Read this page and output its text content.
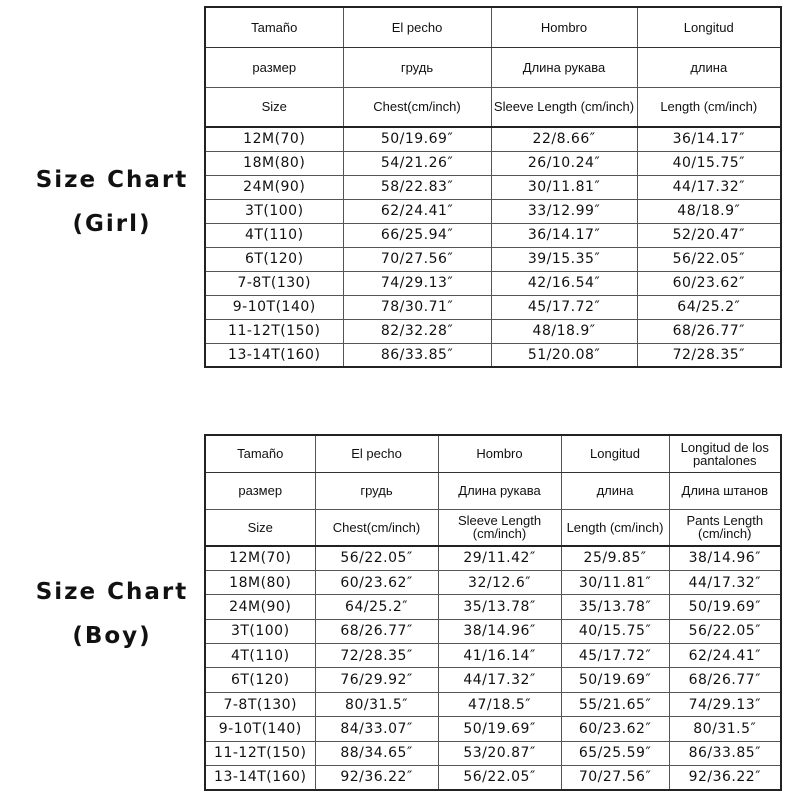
Size Chart
(Girl)
Tamaño	El pecho	Hombro	Longitud
размер	грудь	Длина рукава	длина
Size	Chest(cm/inch)	Sleeve Length (cm/inch)	Length (cm/inch)
12M(70)	50/19.69″	22/8.66″	36/14.17″
18M(80)	54/21.26″	26/10.24″	40/15.75″
24M(90)	58/22.83″	30/11.81″	44/17.32″
3T(100)	62/24.41″	33/12.99″	48/18.9″
4T(110)	66/25.94″	36/14.17″	52/20.47″
6T(120)	70/27.56″	39/15.35″	56/22.05″
7-8T(130)	74/29.13″	42/16.54″	60/23.62″
9-10T(140)	78/30.71″	45/17.72″	64/25.2″
11-12T(150)	82/32.28″	48/18.9″	68/26.77″
13-14T(160)	86/33.85″	51/20.08″	72/28.35″
Size Chart
(Boy)
Tamaño	El pecho	Hombro	Longitud	Longitud de los pantalones
размер	грудь	Длина рукава	длина	Длина штанов
Size	Chest(cm/inch)	Sleeve Length (cm/inch)	Length (cm/inch)	Pants Length (cm/inch)
12M(70)	56/22.05″	29/11.42″	25/9.85″	38/14.96″
18M(80)	60/23.62″	32/12.6″	30/11.81″	44/17.32″
24M(90)	64/25.2″	35/13.78″	35/13.78″	50/19.69″
3T(100)	68/26.77″	38/14.96″	40/15.75″	56/22.05″
4T(110)	72/28.35″	41/16.14″	45/17.72″	62/24.41″
6T(120)	76/29.92″	44/17.32″	50/19.69″	68/26.77″
7-8T(130)	80/31.5″	47/18.5″	55/21.65″	74/29.13″
9-10T(140)	84/33.07″	50/19.69″	60/23.62″	80/31.5″
11-12T(150)	88/34.65″	53/20.87″	65/25.59″	86/33.85″
13-14T(160)	92/36.22″	56/22.05″	70/27.56″	92/36.22″
